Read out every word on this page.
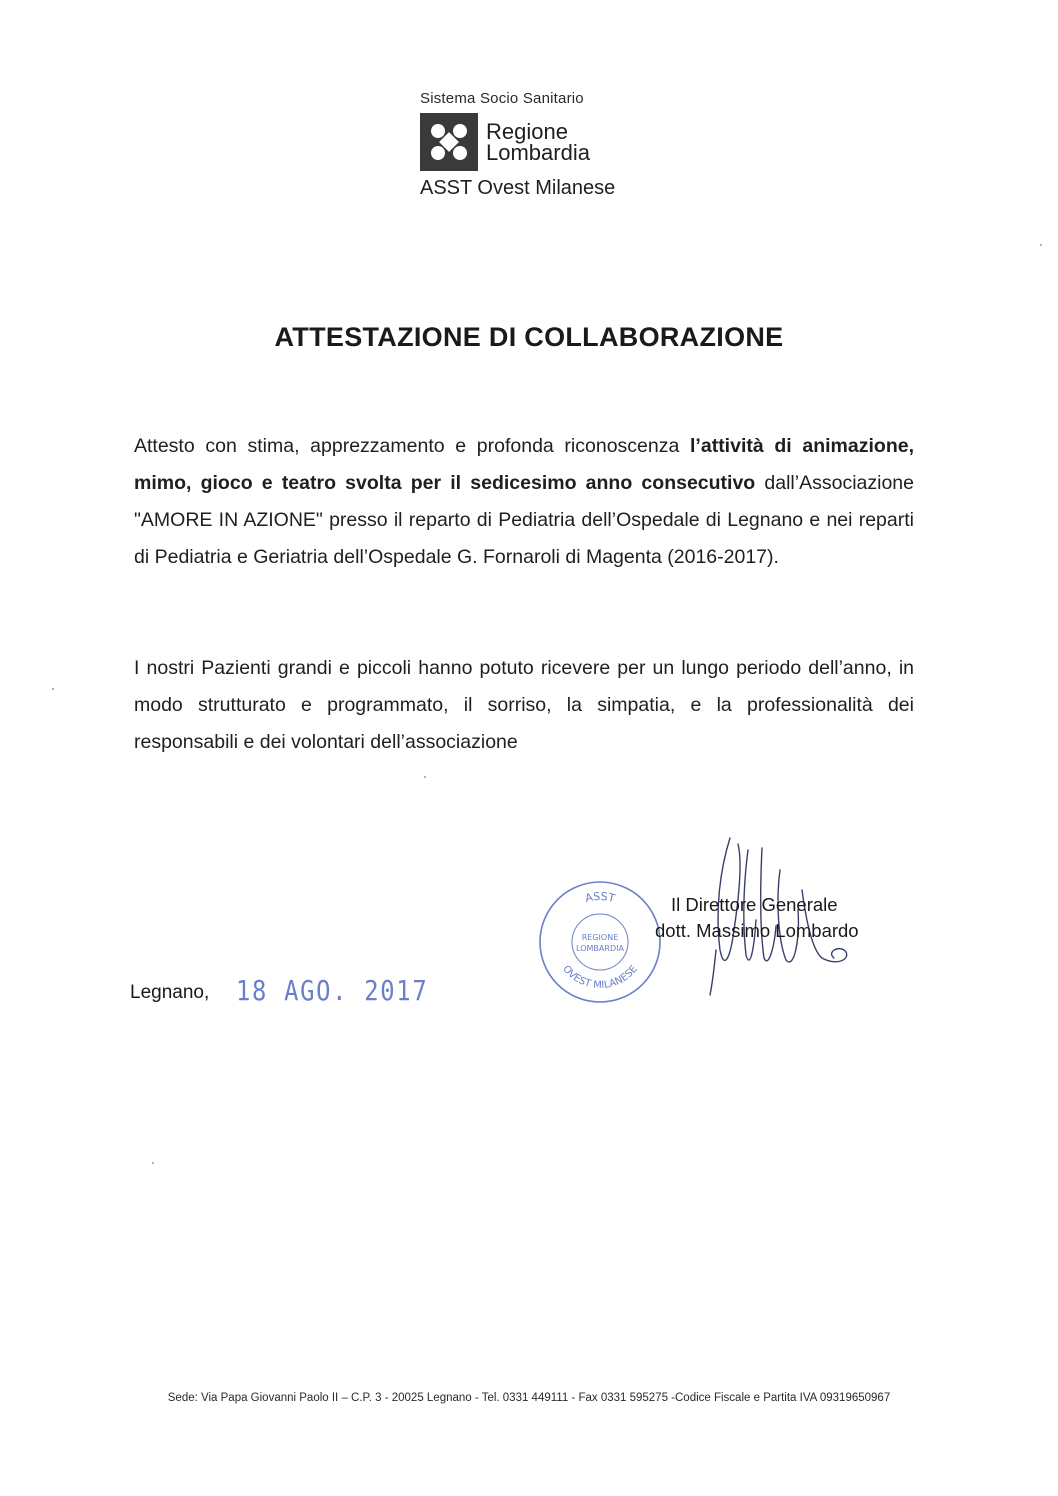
Sistema Socio Sanitario
Regione
Lombardia
ASST Ovest Milanese
ATTESTAZIONE DI COLLABORAZIONE
Attesto con stima, apprezzamento e profonda riconoscenza l’attività di animazione, mimo, gioco e teatro svolta per il sedicesimo anno consecutivo dall’Associazione "AMORE IN AZIONE" presso il reparto di Pediatria dell’Ospedale di Legnano e nei reparti di Pediatria e Geriatria dell’Ospedale G. Fornaroli di Magenta (2016-2017).
I nostri Pazienti grandi e piccoli hanno potuto ricevere per un lungo periodo dell’anno, in modo strutturato e programmato, il sorriso, la simpatia, e la professionalità dei responsabili e dei volontari dell’associazione
ASST
OVEST MILANESE
REGIONE
LOMBARDIA
Il Direttore Generale
dott. Massimo Lombardo
Legnano, 18 AGO. 2017
Sede: Via Papa Giovanni Paolo II – C.P. 3 - 20025 Legnano - Tel. 0331 449111 - Fax 0331 595275 -Codice Fiscale e Partita IVA 09319650967
